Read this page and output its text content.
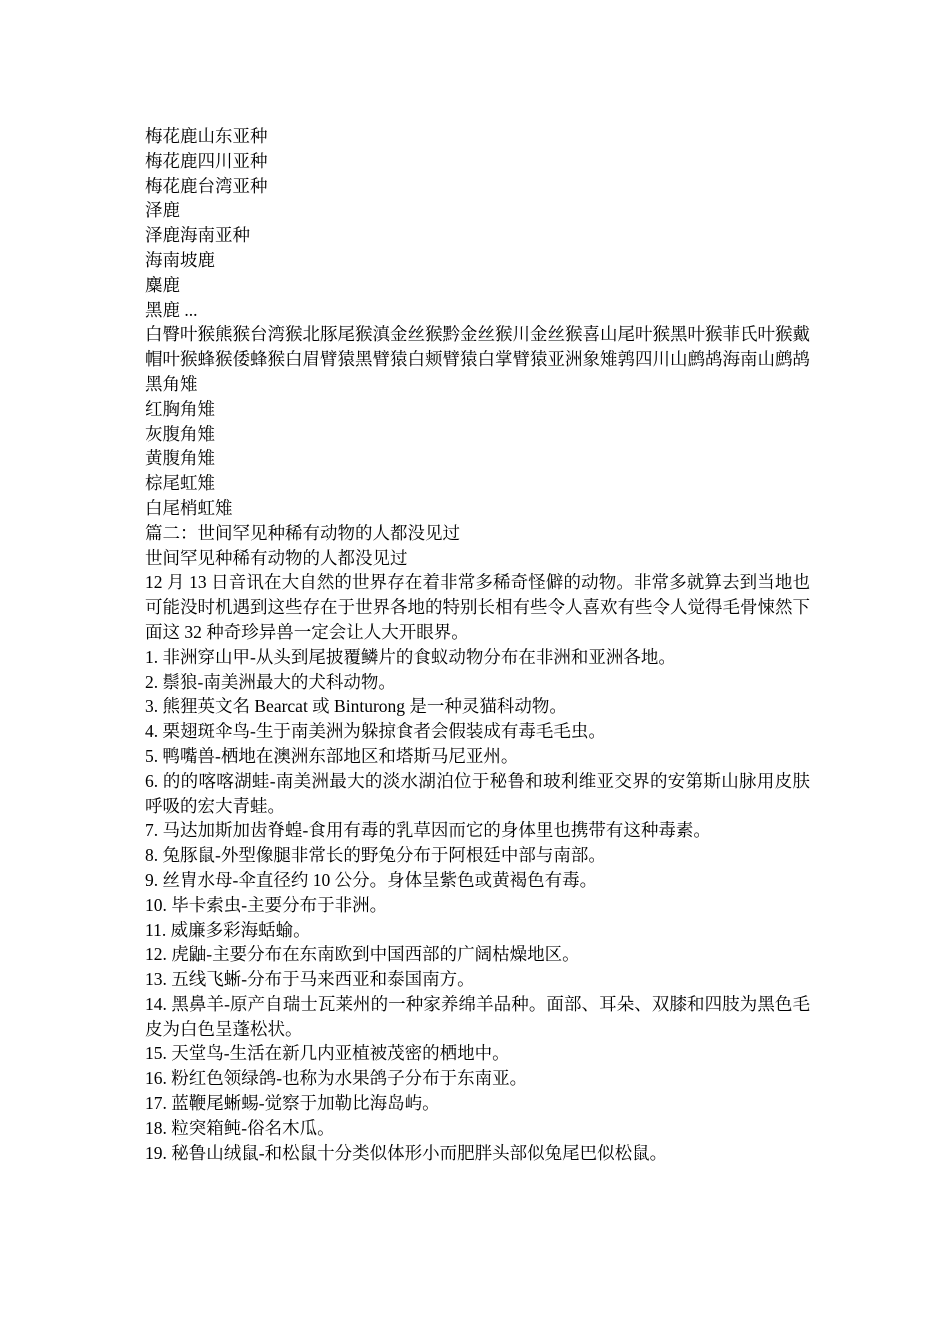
梅花鹿山东亚种

梅花鹿四川亚种

梅花鹿台湾亚种

泽鹿

泽鹿海南亚种

海南坡鹿

麋鹿

黑鹿 ...

白臀叶猴熊猴台湾猴北豚尾猴滇金丝猴黔金丝猴川金丝猴喜山尾叶猴黑叶猴菲氏叶猴戴帽叶猴蜂猴倭蜂猴白眉臂猿黑臂猿白颊臂猿白掌臂猿亚洲象雉鹑四川山鹧鸪海南山鹧鸪

黑角雉

红胸角雉

灰腹角雉

黄腹角雉

棕尾虹雉

白尾梢虹雉

篇二：世间罕见种稀有动物的人都没见过

世间罕见种稀有动物的人都没见过

12 月 13 日音讯在大自然的世界存在着非常多稀奇怪僻的动物。非常多就算去到当地也可能没时机遇到这些存在于世界各地的特别长相有些令人喜欢有些令人觉得毛骨悚然下面这 32 种奇珍异兽一定会让人大开眼界。

1. 非洲穿山甲-从头到尾披覆鳞片的食蚁动物分布在非洲和亚洲各地。

2. 鬃狼-南美洲最大的犬科动物。

3. 熊狸英文名 Bearcat 或 Binturong 是一种灵猫科动物。

4. 栗翅斑伞鸟-生于南美洲为躲掠食者会假装成有毒毛毛虫。

5. 鸭嘴兽-栖地在澳洲东部地区和塔斯马尼亚州。

6. 的的喀喀湖蛙-南美洲最大的淡水湖泊位于秘鲁和玻利维亚交界的安第斯山脉用皮肤呼吸的宏大青蛙。

7. 马达加斯加齿脊蝗-食用有毒的乳草因而它的身体里也携带有这种毒素。

8. 兔豚鼠-外型像腿非常长的野兔分布于阿根廷中部与南部。

9. 丝胄水母-伞直径约 10 公分。身体呈紫色或黄褐色有毒。

10. 毕卡索虫-主要分布于非洲。

11. 威廉多彩海蛞蝓。

12. 虎鼬-主要分布在东南欧到中国西部的广阔枯燥地区。

13. 五线飞蜥-分布于马来西亚和泰国南方。

14. 黑鼻羊-原产自瑞士瓦莱州的一种家养绵羊品种。面部、耳朵、双膝和四肢为黑色毛皮为白色呈蓬松状。

15. 天堂鸟-生活在新几内亚植被茂密的栖地中。

16. 粉红色领绿鸽-也称为水果鸽子分布于东南亚。

17. 蓝鞭尾蜥蜴-觉察于加勒比海岛屿。

18. 粒突箱鲀-俗名木瓜。

19. 秘鲁山绒鼠-和松鼠十分类似体形小而肥胖头部似兔尾巴似松鼠。
